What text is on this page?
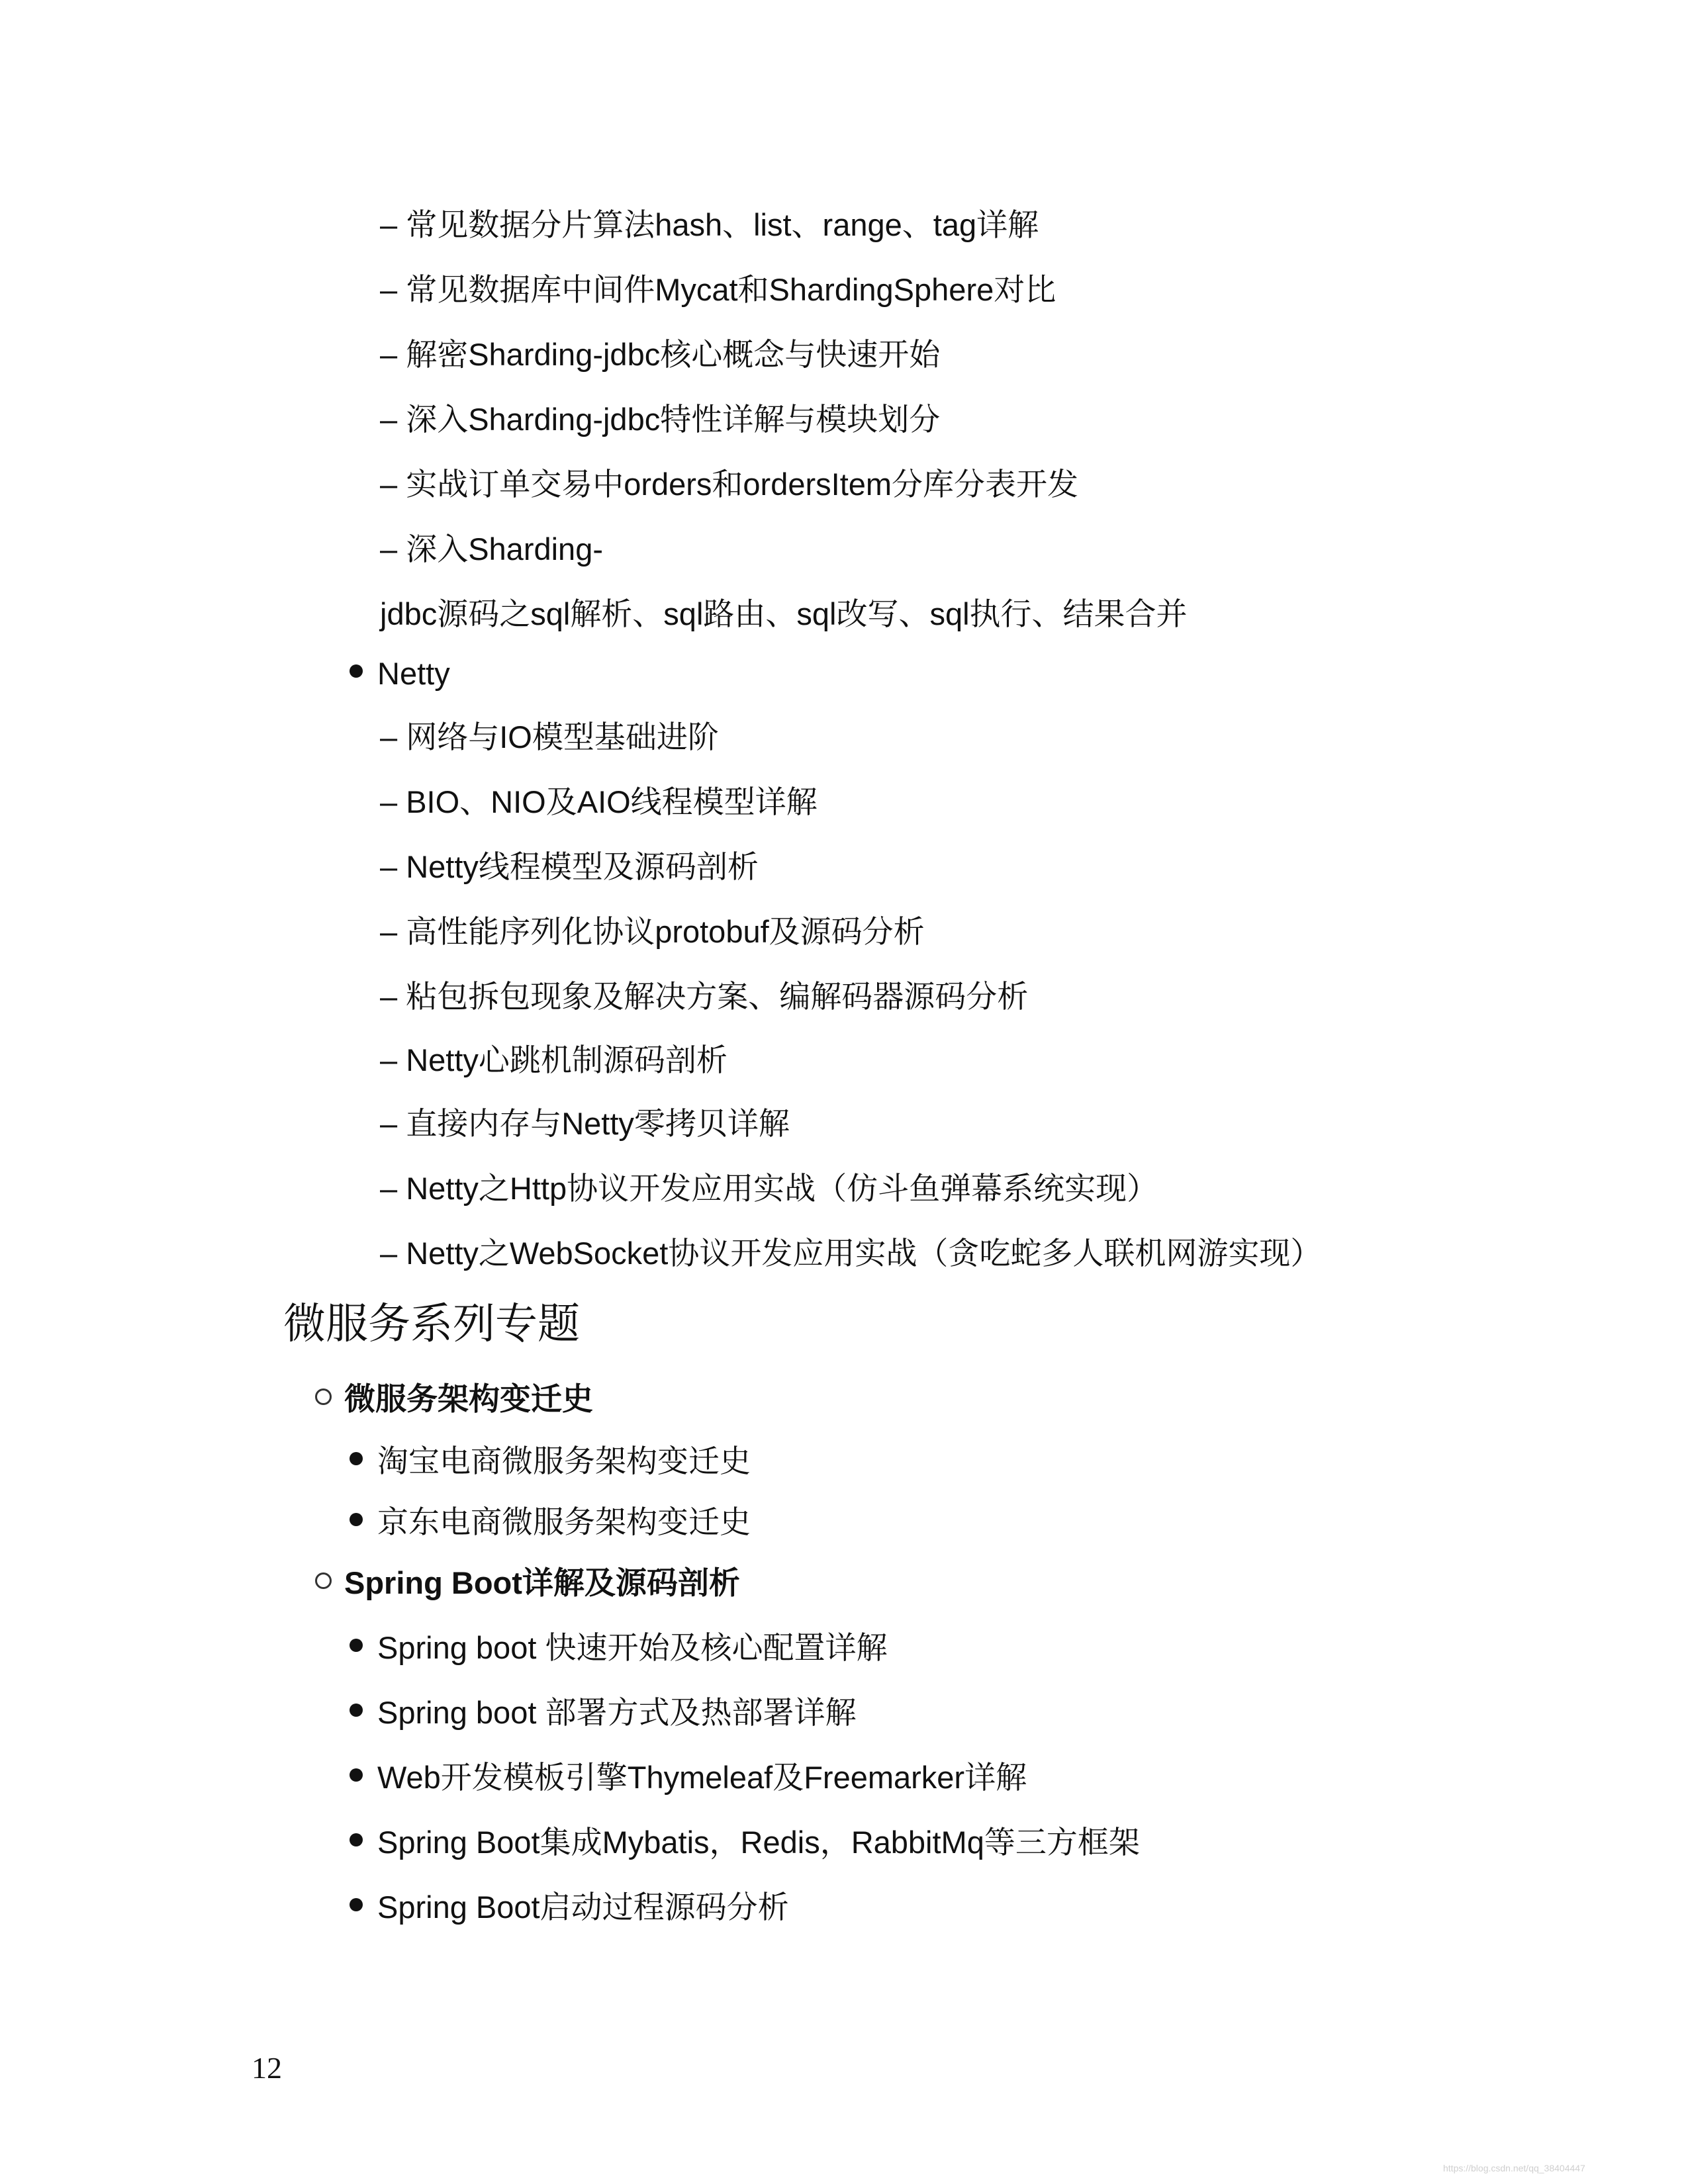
– 常见数据分片算法hash、list、range、tag详解
– 常见数据库中间件Mycat和ShardingSphere对比
– 解密Sharding-jdbc核心概念与快速开始
– 深入Sharding-jdbc特性详解与模块划分
– 实战订单交易中orders和ordersItem分库分表开发
– 深入Sharding-
jdbc源码之sql解析、sql路由、sql改写、sql执行、结果合并
Netty
– 网络与IO模型基础进阶
– BIO、NIO及AIO线程模型详解
– Netty线程模型及源码剖析
– 高性能序列化协议protobuf及源码分析
– 粘包拆包现象及解决方案、编解码器源码分析
– Netty心跳机制源码剖析
– 直接内存与Netty零拷贝详解
– Netty之Http协议开发应用实战（仿斗鱼弹幕系统实现）
– Netty之WebSocket协议开发应用实战（贪吃蛇多人联机网游实现）
微服务系列专题
微服务架构变迁史
淘宝电商微服务架构变迁史
京东电商微服务架构变迁史
Spring Boot详解及源码剖析
Spring boot 快速开始及核心配置详解
Spring boot 部署方式及热部署详解
Web开发模板引擎Thymeleaf及Freemarker详解
Spring Boot集成Mybatis，Redis，RabbitMq等三方框架
Spring Boot启动过程源码分析
12
https://blog.csdn.net/qq_38404447
